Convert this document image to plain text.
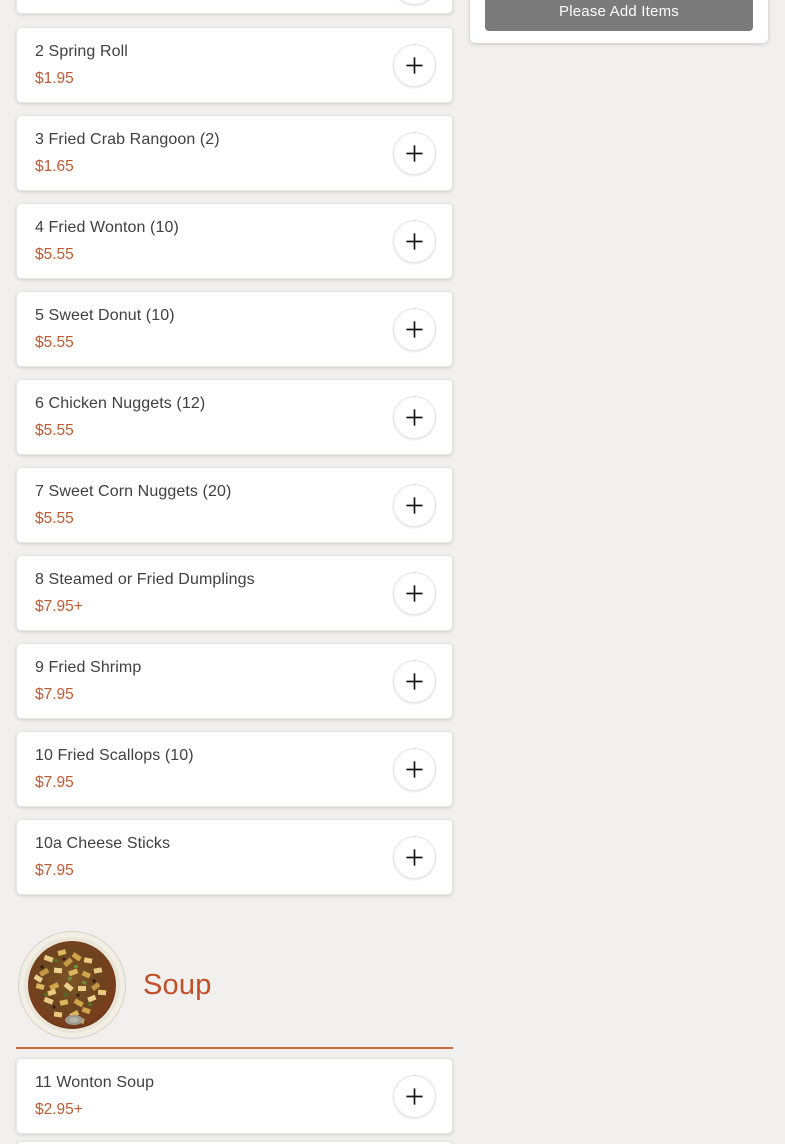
Please Add Items
2 Spring Roll
$1.95
3 Fried Crab Rangoon (2)
$1.65
4 Fried Wonton (10)
$5.55
5 Sweet Donut (10)
$5.55
6 Chicken Nuggets (12)
$5.55
7 Sweet Corn Nuggets (20)
$5.55
8 Steamed or Fried Dumplings
$7.95+
9 Fried Shrimp
$7.95
10 Fried Scallops (10)
$7.95
10a Cheese Sticks
$7.95
Soup
11 Wonton Soup
$2.95+
